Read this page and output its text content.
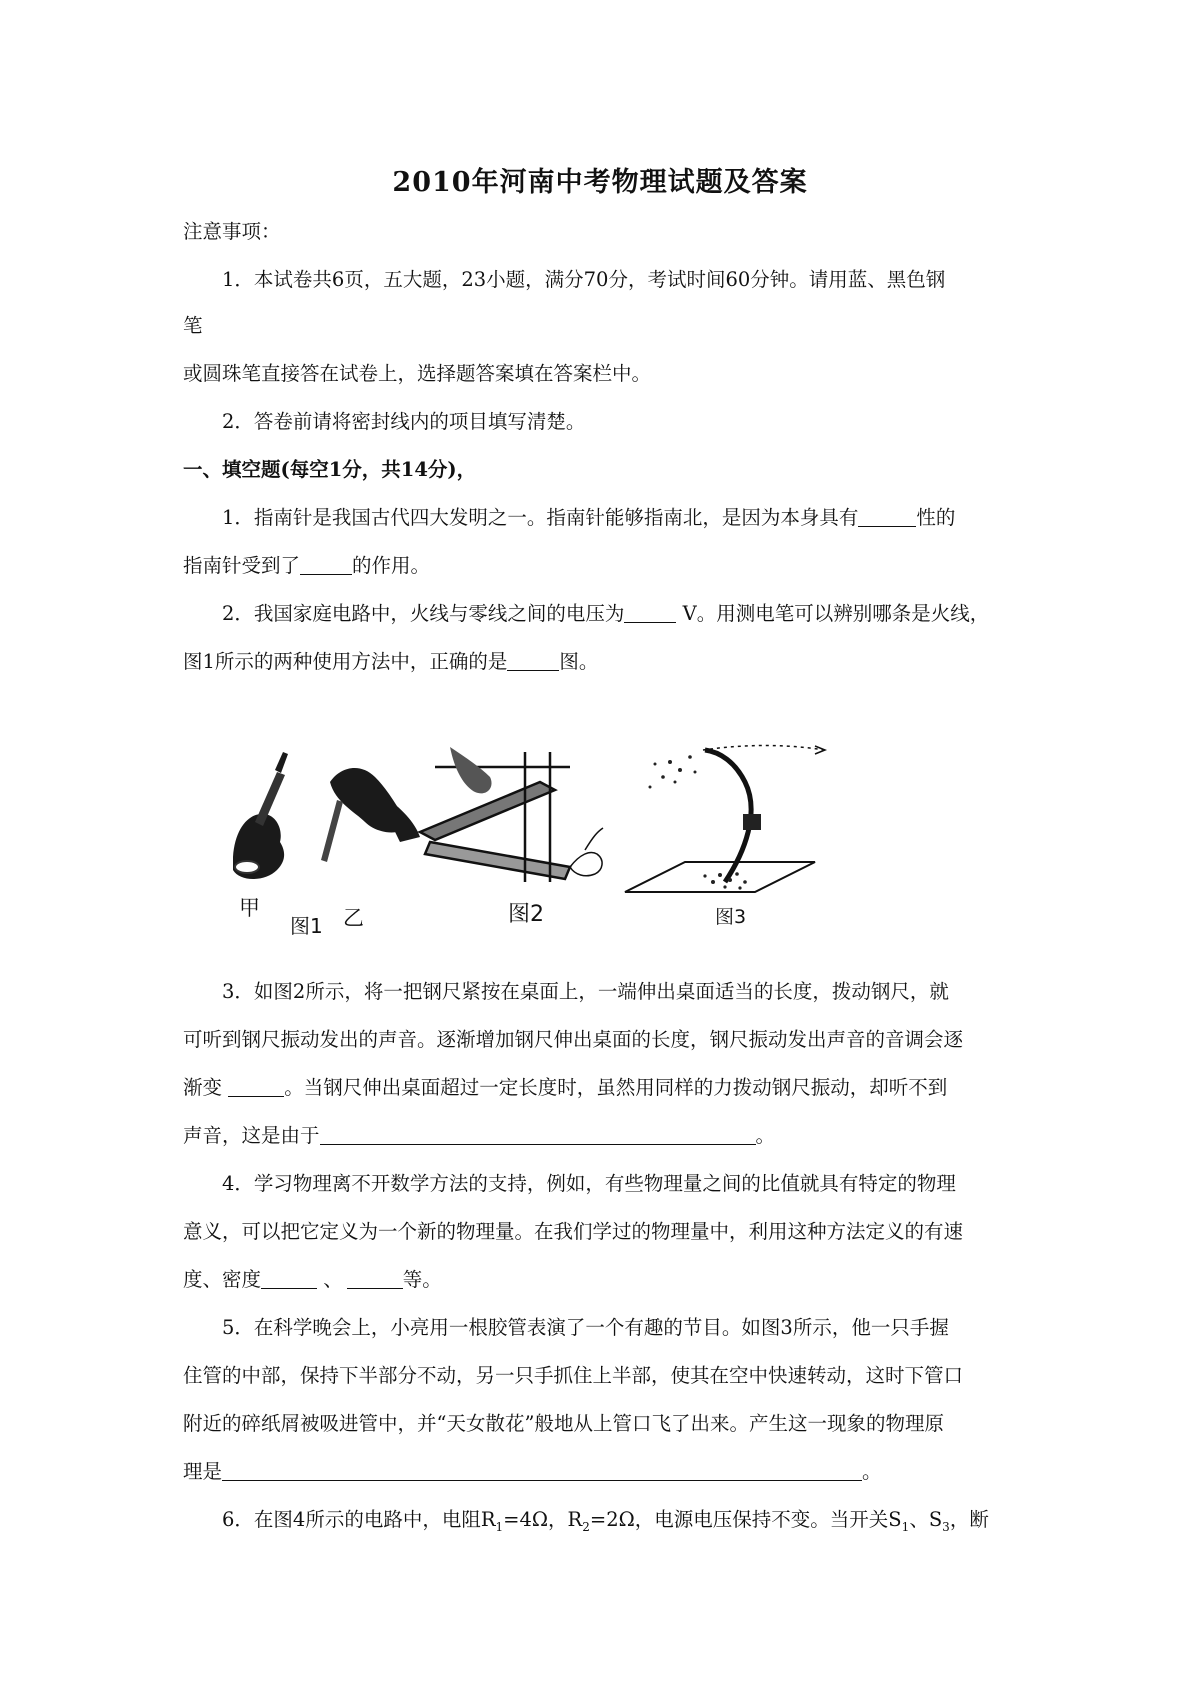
2010年河南中考物理试题及答案
注意事项：
1．本试卷共6页，五大题，23小题，满分70分，考试时间60分钟。请用蓝、黑色钢
笔
或圆珠笔直接答在试卷上，选择题答案填在答案栏中。
2．答卷前请将密封线内的项目填写清楚。
一、填空题(每空1分，共14分)，
1．指南针是我国古代四大发明之一。指南针能够指南北，是因为本身具有	性的
指南针受到了	的作用。
2．我国家庭电路中，火线与零线之间的电压为	V。用测电笔可以辨别哪条是火线，
图1所示的两种使用方法中，正确的是	图。
甲	乙
图1	图2	图3
3．如图2所示，将一把钢尺紧按在桌面上，一端伸出桌面适当的长度，拨动钢尺，就
可听到钢尺振动发出的声音。逐渐增加钢尺伸出桌面的长度，钢尺振动发出声音的音调会逐
渐变	。当钢尺伸出桌面超过一定长度时，虽然用同样的力拨动钢尺振动，却听不到
声音，这是由于	。
4．学习物理离不开数学方法的支持，例如，有些物理量之间的比值就具有特定的物理
意义，可以把它定义为一个新的物理量。在我们学过的物理量中，利用这种方法定义的有速
度、密度	、	等。
5．在科学晚会上，小亮用一根胶管表演了一个有趣的节目。如图3所示，他一只手握
住管的中部，保持下半部分不动，另一只手抓住上半部，使其在空中快速转动，这时下管口
附近的碎纸屑被吸进管中，并“天女散花”般地从上管口飞了出来。产生这一现象的物理原
理是	。
6．在图4所示的电路中，电阻$R_1=4\Omega$，$R_2=2\Omega$，电源电压保持不变。当开关$S_1$、$S_3$，断
